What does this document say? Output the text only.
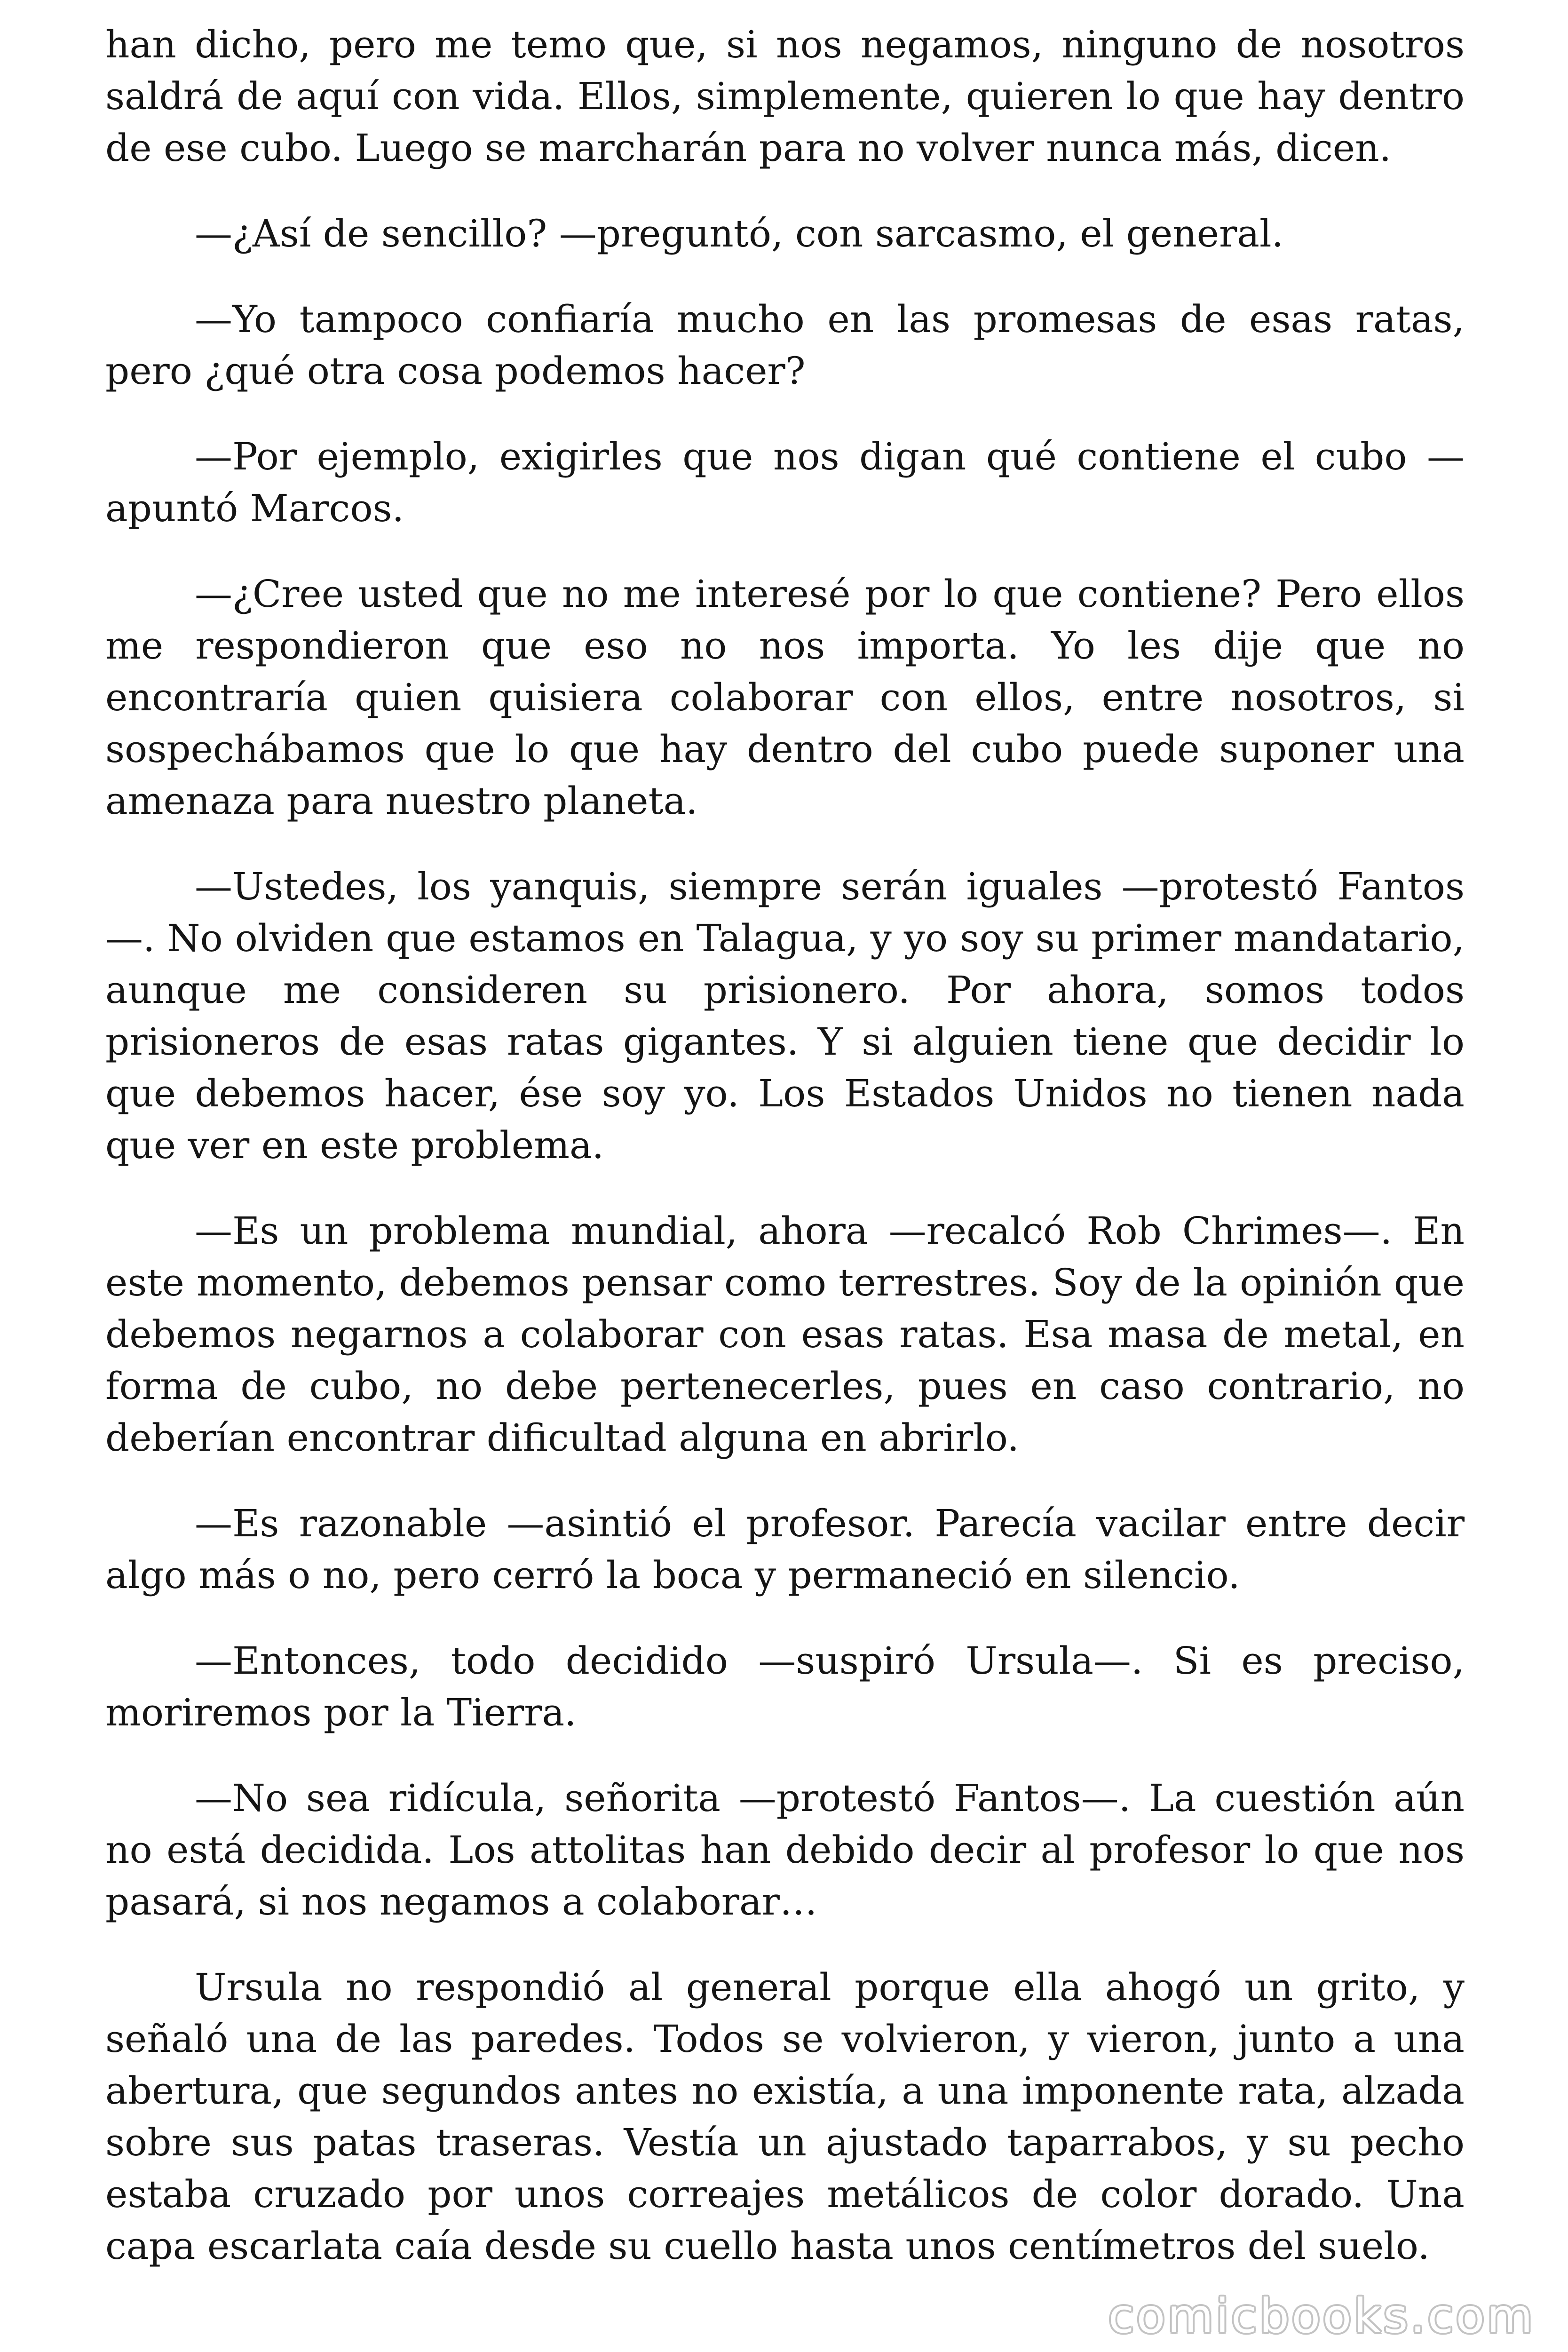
han dicho, pero me temo que, si nos negamos, ninguno de nosotros saldrá de aquí con vida. Ellos, simplemente, quieren lo que hay dentro de ese cubo. Luego se marcharán para no volver nunca más, dicen.

—¿Así de sencillo? —preguntó, con sarcasmo, el general.

—Yo tampoco confiaría mucho en las promesas de esas ratas, pero ¿qué otra cosa podemos hacer?

—Por ejemplo, exigirles que nos digan qué contiene el cubo —apuntó Marcos.

—¿Cree usted que no me interesé por lo que contiene? Pero ellos me respondieron que eso no nos importa. Yo les dije que no encontraría quien quisiera colaborar con ellos, entre nosotros, si sospechábamos que lo que hay dentro del cubo puede suponer una amenaza para nuestro planeta.

—Ustedes, los yanquis, siempre serán iguales —protestó Fantos—. No olviden que estamos en Talagua, y yo soy su primer mandatario, aunque me consideren su prisionero. Por ahora, somos todos prisioneros de esas ratas gigantes. Y si alguien tiene que decidir lo que debemos hacer, ése soy yo. Los Estados Unidos no tienen nada que ver en este problema.

—Es un problema mundial, ahora —recalcó Rob Chrimes—. En este momento, debemos pensar como terrestres. Soy de la opinión que debemos negarnos a colaborar con esas ratas. Esa masa de metal, en forma de cubo, no debe pertenecerles, pues en caso contrario, no deberían encontrar dificultad alguna en abrirlo.

—Es razonable —asintió el profesor. Parecía vacilar entre decir algo más o no, pero cerró la boca y permaneció en silencio.

—Entonces, todo decidido —suspiró Ursula—. Si es preciso, moriremos por la Tierra.

—No sea ridícula, señorita —protestó Fantos—. La cuestión aún no está decidida. Los attolitas han debido decir al profesor lo que nos pasará, si nos negamos a colaborar…

Ursula no respondió al general porque ella ahogó un grito, y señaló una de las paredes. Todos se volvieron, y vieron, junto a una abertura, que segundos antes no existía, a una imponente rata, alzada sobre sus patas traseras. Vestía un ajustado taparrabos, y su pecho estaba cruzado por unos correajes metálicos de color dorado. Una capa escarlata caía desde su cuello hasta unos centímetros del suelo.

comicbooks.com
